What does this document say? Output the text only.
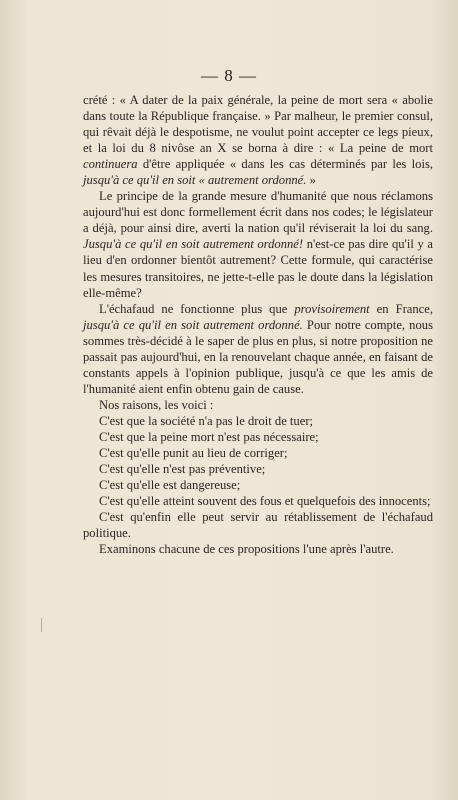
— 8 —

crété : « A dater de la paix générale, la peine de mort sera « abolie dans toute la République française. » Par malheur, le premier consul, qui rêvait déjà le despotisme, ne voulut point accepter ce legs pieux, et la loi du 8 nivôse an X se borna à dire : « La peine de mort continuera d'être appliquée « dans les cas déterminés par les lois, jusqu'à ce qu'il en soit « autrement ordonné. »

Le principe de la grande mesure d'humanité que nous réclamons aujourd'hui est donc formellement écrit dans nos codes; le législateur a déjà, pour ainsi dire, averti la nation qu'il réviserait la loi du sang. Jusqu'à ce qu'il en soit autrement ordonné! n'est-ce pas dire qu'il y a lieu d'en ordonner bientôt autrement? Cette formule, qui caractérise les mesures transitoires, ne jette-t-elle pas le doute dans la législation elle-même?

L'échafaud ne fonctionne plus que provisoirement en France, jusqu'à ce qu'il en soit autrement ordonné. Pour notre compte, nous sommes très-décidé à le saper de plus en plus, si notre proposition ne passait pas aujourd'hui, en la renouvelant chaque année, en faisant de constants appels à l'opinion publique, jusqu'à ce que les amis de l'humanité aient enfin obtenu gain de cause.

Nos raisons, les voici :

C'est que la société n'a pas le droit de tuer;

C'est que la peine mort n'est pas nécessaire;

C'est qu'elle punit au lieu de corriger;

C'est qu'elle n'est pas préventive;

C'est qu'elle est dangereuse;

C'est qu'elle atteint souvent des fous et quelquefois des innocents;

C'est qu'enfin elle peut servir au rétablissement de l'échafaud politique.

Examinons chacune de ces propositions l'une après l'autre.
